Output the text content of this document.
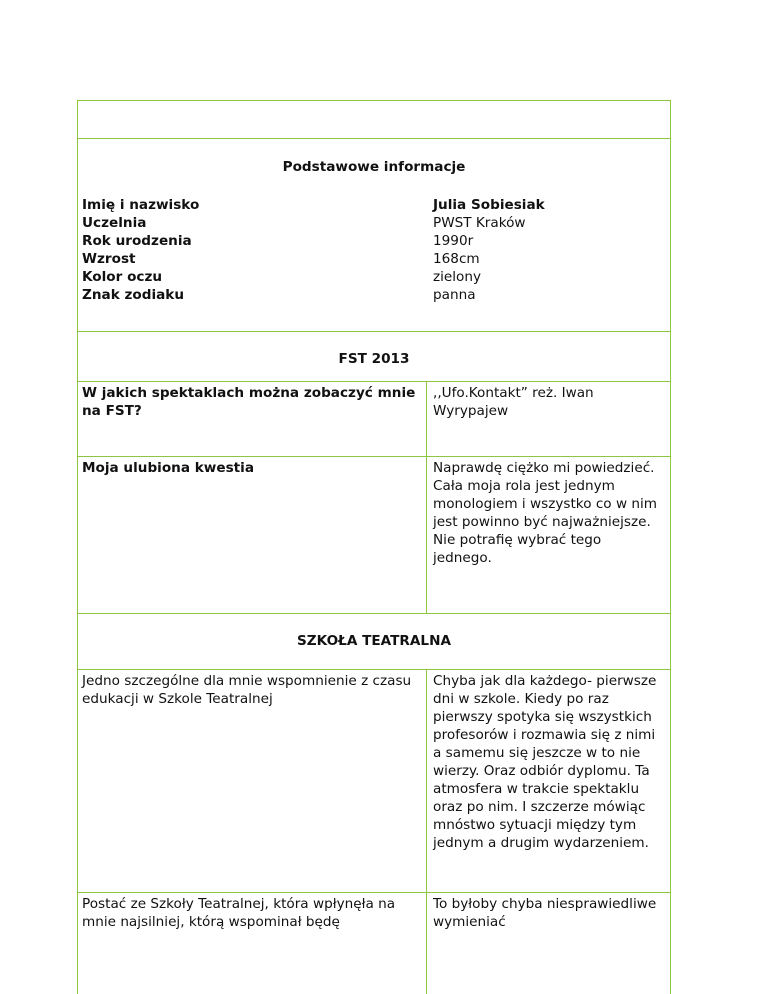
Podstawowe informacje
Imię i nazwisko
Uczelnia
Rok urodzenia
Wzrost
Kolor oczu
Znak zodiaku
Julia Sobiesiak
PWST Kraków
1990r
168cm
zielony
panna
FST 2013
W jakich spektaklach można zobaczyć mnie na FST?
,,Ufo.Kontakt” reż. Iwan Wyrypajew
Moja ulubiona kwestia	Naprawdę ciężko mi powiedzieć. Cała moja rola jest jednym monologiem i wszystko co w nim jest powinno być najważniejsze. Nie potrafię wybrać tego jednego.
SZKOŁA TEATRALNA
Jedno szczególne dla mnie wspomnienie z czasu edukacji w Szkole Teatralnej
Chyba jak dla każdego- pierwsze dni w szkole. Kiedy po raz pierwszy spotyka się wszystkich profesorów i rozmawia się z nimi a samemu się jeszcze w to nie wierzy. Oraz odbiór dyplomu. Ta atmosfera w trakcie spektaklu oraz po nim. I szczerze mówiąc mnóstwo sytuacji między tym jednym a drugim wydarzeniem.
Postać ze Szkoły Teatralnej, która wpłynęła na mnie najsilniej, którą wspominał będę
To byłoby chyba niesprawiedliwe wymieniać
